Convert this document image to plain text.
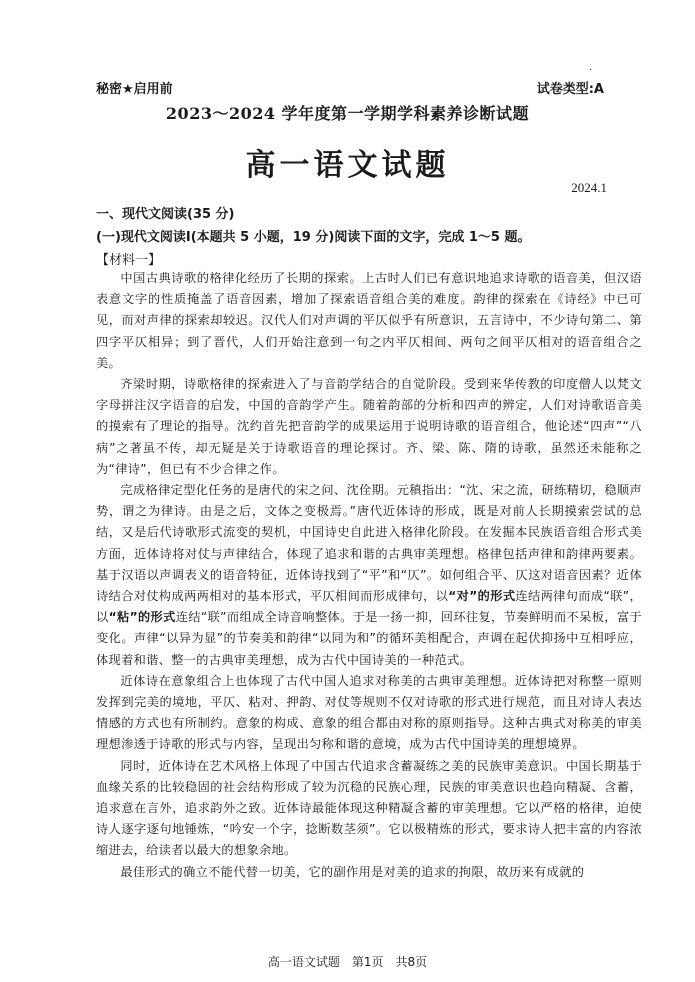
.
秘密★启用前	试卷类型:A
2023～2024 学年度第一学期学科素养诊断试题
高一语文试题
2024.1
一、现代文阅读(35 分)
(一)现代文阅读Ⅰ(本题共 5 小题，19 分)阅读下面的文字，完成 1～5 题。
【材料一】

中国古典诗歌的格律化经历了长期的探索。上古时人们已有意识地追求诗歌的语音美，但汉语表意文字的性质掩盖了语音因素，增加了探索语音组合美的难度。韵律的探索在《诗经》中已可见，而对声律的探索却较迟。汉代人们对声调的平仄似乎有所意识，五言诗中，不少诗句第二、第四字平仄相异；到了晋代，人们开始注意到一句之内平仄相间、两句之间平仄相对的语音组合之美。

齐梁时期，诗歌格律的探索进入了与音韵学结合的自觉阶段。受到来华传教的印度僧人以梵文字母拼注汉字语音的启发，中国的音韵学产生。随着韵部的分析和四声的辨定，人们对诗歌语音美的摸索有了理论的指导。沈约首先把音韵学的成果运用于说明诗歌的语音组合，他论述“四声”“八病”之著虽不传，却无疑是关于诗歌语音的理论探讨。齐、梁、陈、隋的诗歌，虽然还未能称之为“律诗”，但已有不少合律之作。

完成格律定型化任务的是唐代的宋之问、沈佺期。元稹指出：“沈、宋之流，研练精切，稳顺声势，谓之为律诗。由是之后，文体之变极焉。”唐代近体诗的形成，既是对前人长期摸索尝试的总结，又是后代诗歌形式流变的契机，中国诗史自此进入格律化阶段。在发掘本民族语音组合形式美方面，近体诗将对仗与声律结合，体现了追求和谐的古典审美理想。格律包括声律和韵律两要素。基于汉语以声调表义的语音特征，近体诗找到了“平”和“仄”。如何组合平、仄这对语音因素？近体诗结合对仗构成两两相对的基本形式，平仄相间而形成律句，以“对”的形式连结两律句而成“联”，以“粘”的形式连结“联”而组成全诗音响整体。于是一扬一抑，回环往复，节奏鲜明而不呆板，富于变化。声律“以异为显”的节奏美和韵律“以同为和”的循环美相配合，声调在起伏抑扬中互相呼应，体现着和谐、整一的古典审美理想，成为古代中国诗美的一种范式。

近体诗在意象组合上也体现了古代中国人追求对称美的古典审美理想。近体诗把对称整一原则发挥到完美的境地，平仄、粘对、押韵、对仗等规则不仅对诗歌的形式进行规范，而且对诗人表达情感的方式也有所制约。意象的构成、意象的组合都由对称的原则指导。这种古典式对称美的审美理想渗透于诗歌的形式与内容，呈现出匀称和谐的意境，成为古代中国诗美的理想境界。

同时，近体诗在艺术风格上体现了中国古代追求含蓄凝练之美的民族审美意识。中国长期基于血缘关系的比较稳固的社会结构形成了较为沉稳的民族心理，民族的审美意识也趋向精凝、含蓄，追求意在言外，追求韵外之致。近体诗最能体现这种精凝含蓄的审美理想。它以严格的格律，迫使诗人逐字逐句地锤炼，“吟安一个字，捻断数茎须”。它以极精炼的形式，要求诗人把丰富的内容浓缩进去，给读者以最大的想象余地。

最佳形式的确立不能代替一切美，它的副作用是对美的追求的拘限，故历来有成就的

高一语文试题　第1页　共8页
